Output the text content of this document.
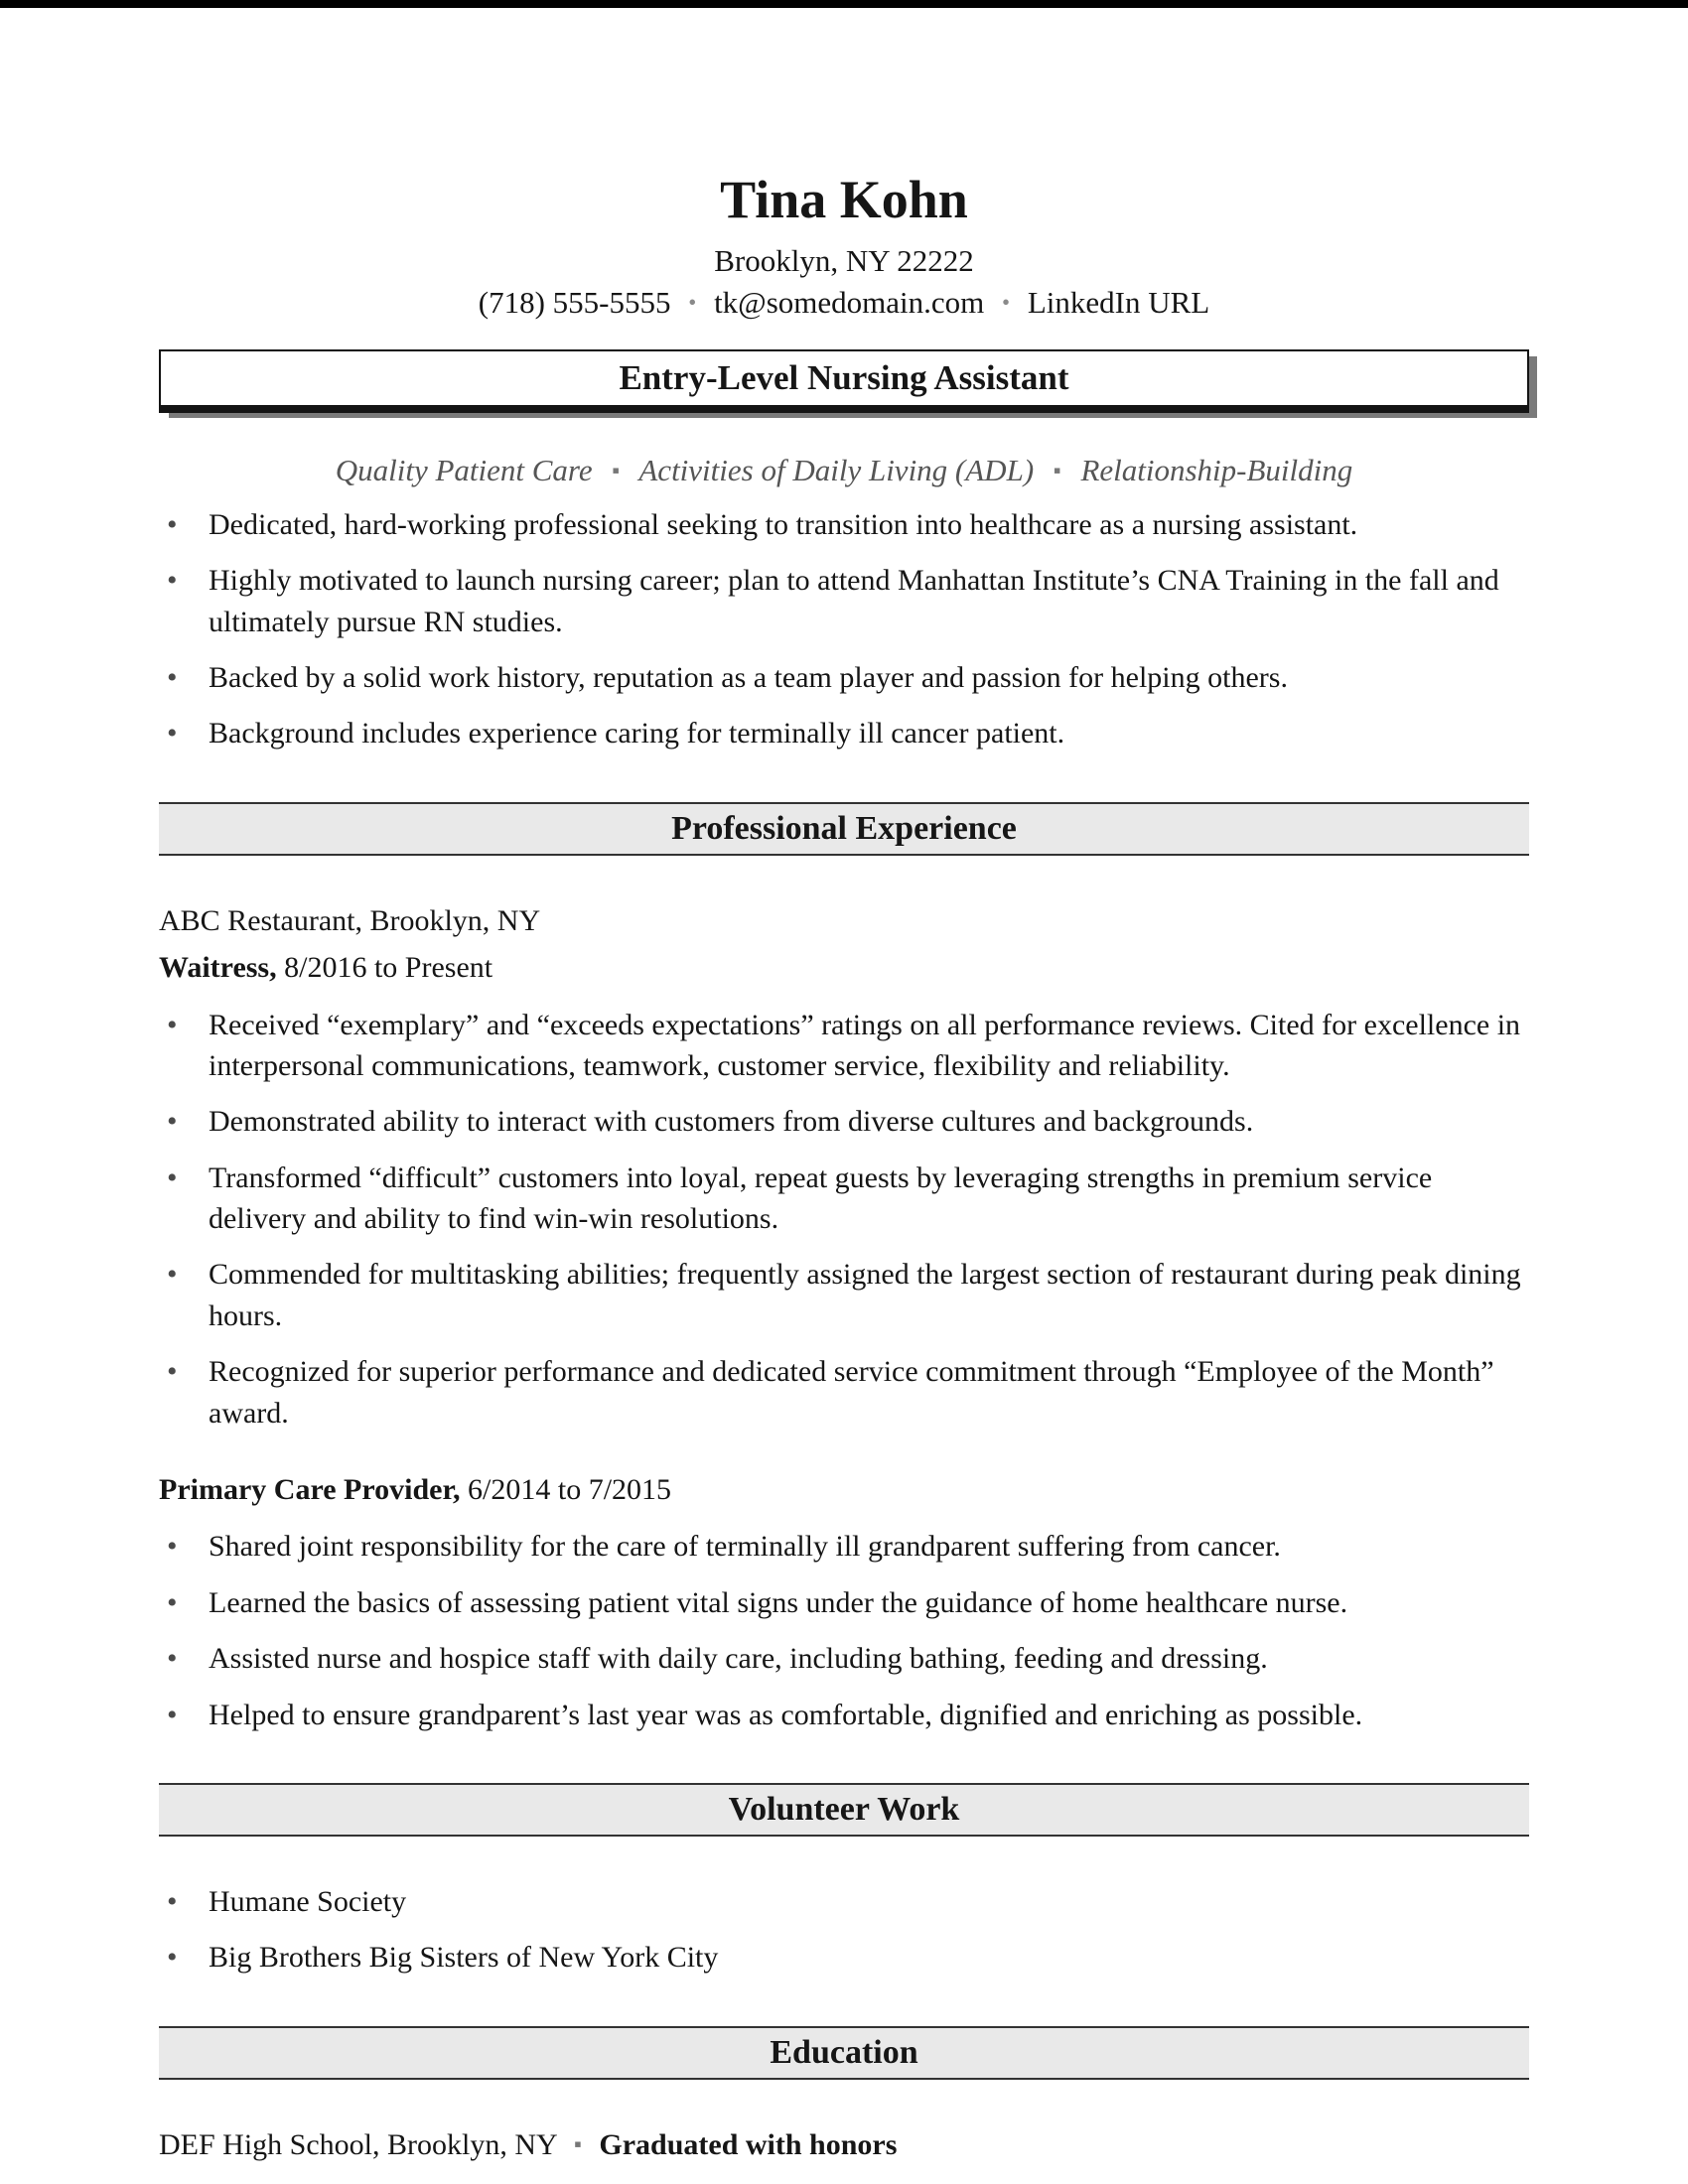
Tina Kohn
Brooklyn, NY 22222
(718) 555-5555 • tk@somedomain.com • LinkedIn URL
Entry-Level Nursing Assistant
Quality Patient Care ▪ Activities of Daily Living (ADL) ▪ Relationship-Building
• Dedicated, hard-working professional seeking to transition into healthcare as a nursing assistant.
• Highly motivated to launch nursing career; plan to attend Manhattan Institute’s CNA Training in the fall and ultimately pursue RN studies.
• Backed by a solid work history, reputation as a team player and passion for helping others.
• Background includes experience caring for terminally ill cancer patient.
Professional Experience
ABC Restaurant, Brooklyn, NY
Waitress, 8/2016 to Present
• Received “exemplary” and “exceeds expectations” ratings on all performance reviews. Cited for excellence in interpersonal communications, teamwork, customer service, flexibility and reliability.
• Demonstrated ability to interact with customers from diverse cultures and backgrounds.
• Transformed “difficult” customers into loyal, repeat guests by leveraging strengths in premium service delivery and ability to find win-win resolutions.
• Commended for multitasking abilities; frequently assigned the largest section of restaurant during peak dining hours.
• Recognized for superior performance and dedicated service commitment through “Employee of the Month” award.
Primary Care Provider, 6/2014 to 7/2015
• Shared joint responsibility for the care of terminally ill grandparent suffering from cancer.
• Learned the basics of assessing patient vital signs under the guidance of home healthcare nurse.
• Assisted nurse and hospice staff with daily care, including bathing, feeding and dressing.
• Helped to ensure grandparent’s last year was as comfortable, dignified and enriching as possible.
Volunteer Work
• Humane Society
• Big Brothers Big Sisters of New York City
Education
DEF High School, Brooklyn, NY ▪ Graduated with honors
